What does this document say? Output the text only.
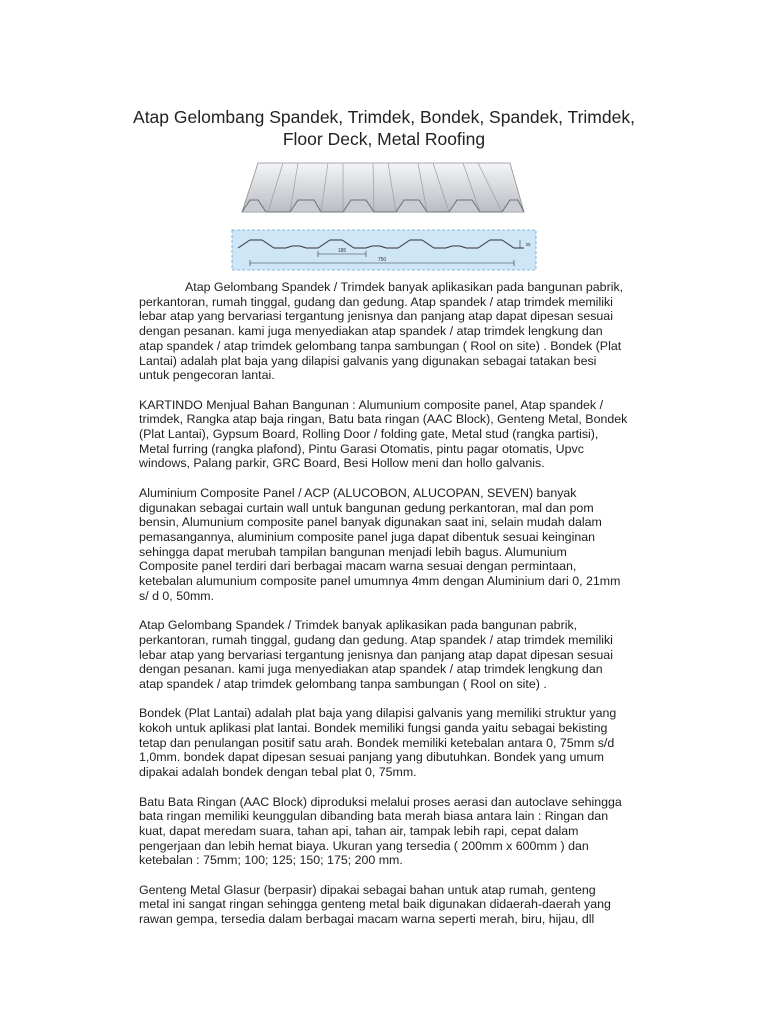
Atap Gelombang Spandek, Trimdek, Bondek, Spandek, Trimdek,
Floor Deck, Metal Roofing
185
750
35

Atap Gelombang Spandek / Trimdek banyak aplikasikan pada bangunan pabrik,
perkantoran, rumah tinggal, gudang dan gedung. Atap spandek / atap trimdek memiliki
lebar atap yang bervariasi tergantung jenisnya dan panjang atap dapat dipesan sesuai
dengan pesanan. kami juga menyediakan atap spandek / atap trimdek lengkung dan
atap spandek / atap trimdek gelombang tanpa sambungan ( Rool on site) . Bondek (Plat
Lantai) adalah plat baja yang dilapisi galvanis yang digunakan sebagai tatakan besi
untuk pengecoran lantai.

KARTINDO Menjual Bahan Bangunan : Alumunium composite panel, Atap spandek /
trimdek, Rangka atap baja ringan, Batu bata ringan (AAC Block), Genteng Metal, Bondek
(Plat Lantai), Gypsum Board, Rolling Door / folding gate, Metal stud (rangka partisi),
Metal furring (rangka plafond), Pintu Garasi Otomatis, pintu pagar otomatis, Upvc
windows, Palang parkir, GRC Board, Besi Hollow meni dan hollo galvanis.

Aluminium Composite Panel / ACP (ALUCOBON, ALUCOPAN, SEVEN) banyak
digunakan sebagai curtain wall untuk bangunan gedung perkantoran, mal dan pom
bensin, Alumunium composite panel banyak digunakan saat ini, selain mudah dalam
pemasangannya, aluminium composite panel juga dapat dibentuk sesuai keinginan
sehingga dapat merubah tampilan bangunan menjadi lebih bagus. Alumunium
Composite panel terdiri dari berbagai macam warna sesuai dengan permintaan,
ketebalan alumunium composite panel umumnya 4mm dengan Aluminium dari 0, 21mm
s/ d 0, 50mm.

Atap Gelombang Spandek / Trimdek banyak aplikasikan pada bangunan pabrik,
perkantoran, rumah tinggal, gudang dan gedung. Atap spandek / atap trimdek memiliki
lebar atap yang bervariasi tergantung jenisnya dan panjang atap dapat dipesan sesuai
dengan pesanan. kami juga menyediakan atap spandek / atap trimdek lengkung dan
atap spandek / atap trimdek gelombang tanpa sambungan ( Rool on site) .

Bondek (Plat Lantai) adalah plat baja yang dilapisi galvanis yang memiliki struktur yang
kokoh untuk aplikasi plat lantai. Bondek memiliki fungsi ganda yaitu sebagai bekisting
tetap dan penulangan positif satu arah. Bondek memiliki ketebalan antara 0, 75mm s/d
1,0mm. bondek dapat dipesan sesuai panjang yang dibutuhkan. Bondek yang umum
dipakai adalah bondek dengan tebal plat 0, 75mm.

Batu Bata Ringan (AAC Block) diproduksi melalui proses aerasi dan autoclave sehingga
bata ringan memiliki keunggulan dibanding bata merah biasa antara lain : Ringan dan
kuat, dapat meredam suara, tahan api, tahan air, tampak lebih rapi, cepat dalam
pengerjaan dan lebih hemat biaya. Ukuran yang tersedia ( 200mm x 600mm ) dan
ketebalan : 75mm; 100; 125; 150; 175; 200 mm.

Genteng Metal Glasur (berpasir) dipakai sebagai bahan untuk atap rumah, genteng
metal ini sangat ringan sehingga genteng metal baik digunakan didaerah-daerah yang
rawan gempa, tersedia dalam berbagai macam warna seperti merah, biru, hijau, dll
